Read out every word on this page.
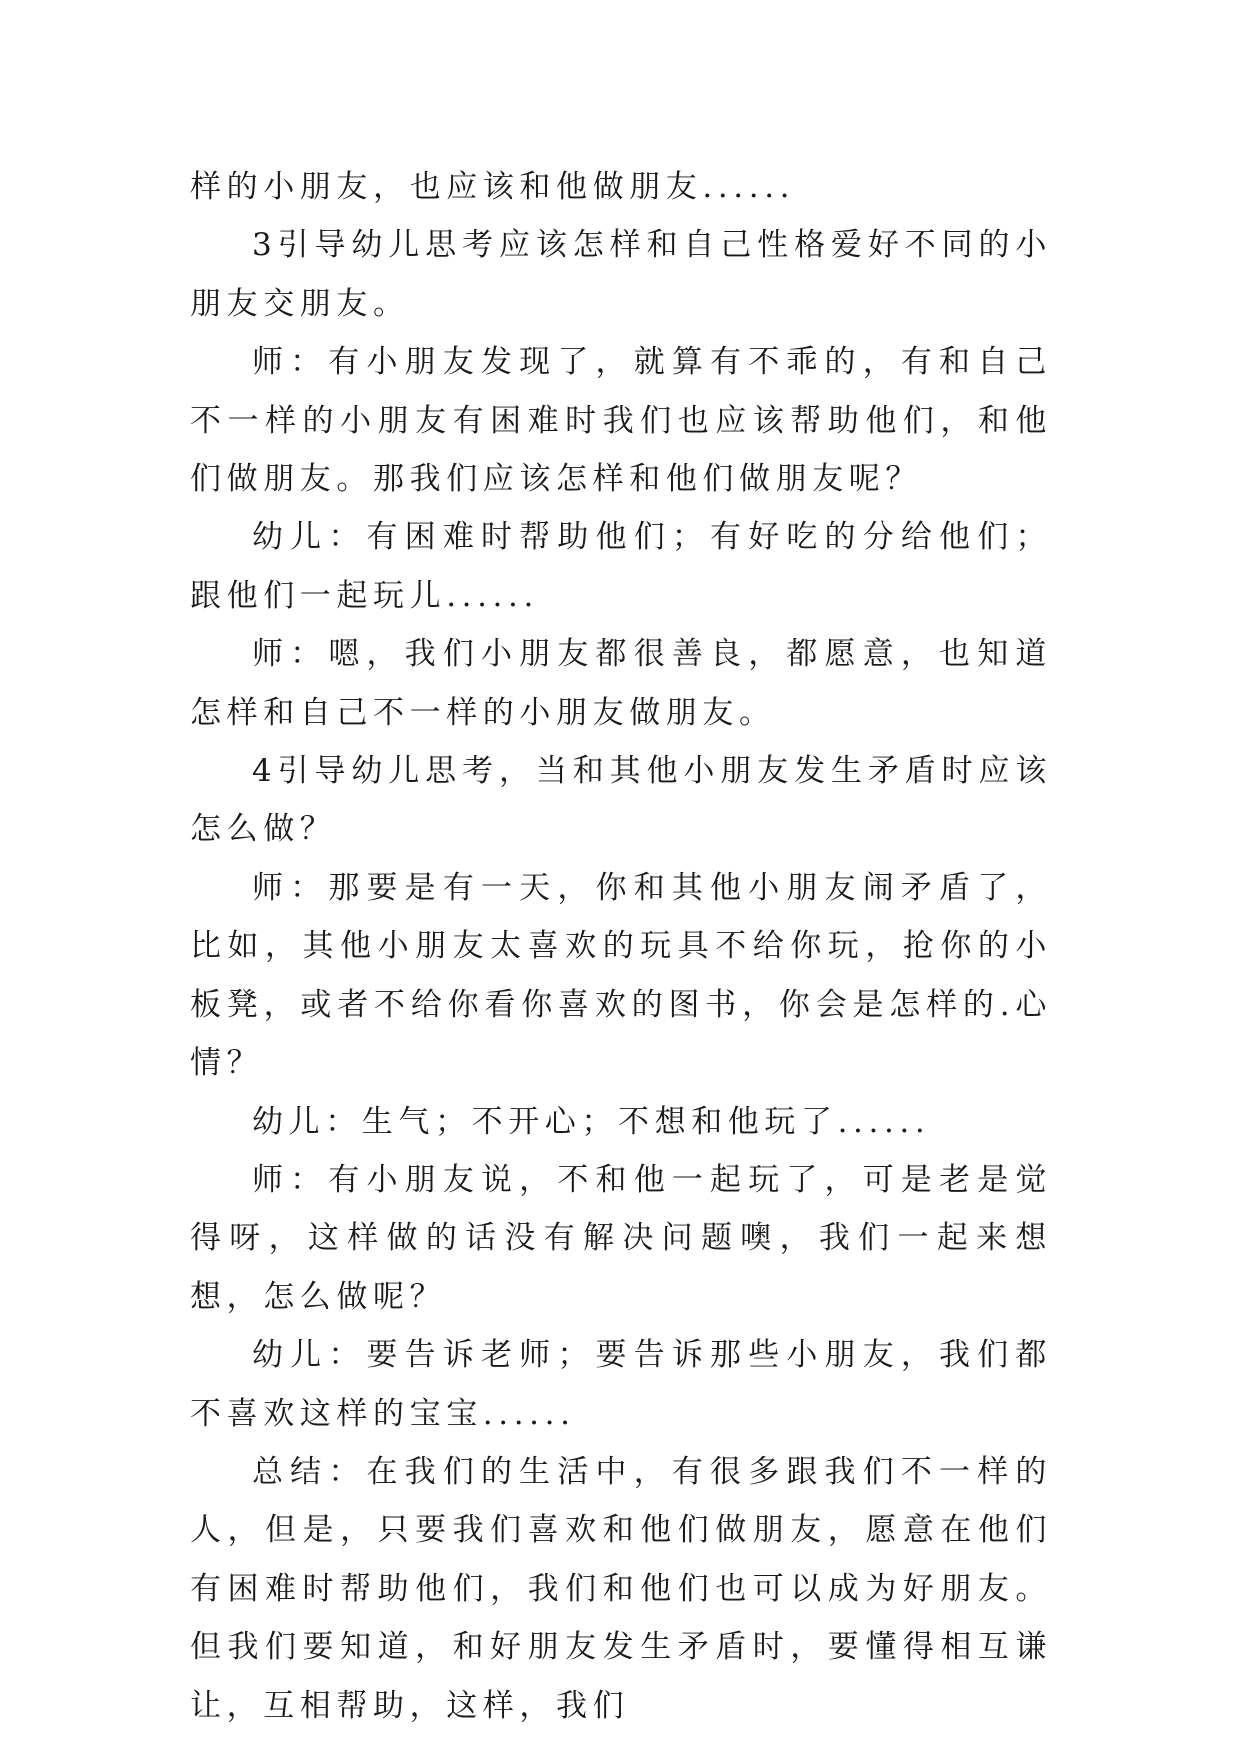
样的小朋友，也应该和他做朋友......

3引导幼儿思考应该怎样和自己性格爱好不同的小朋友交朋友。

师：有小朋友发现了，就算有不乖的，有和自己不一样的小朋友有困难时我们也应该帮助他们，和他们做朋友。那我们应该怎样和他们做朋友呢？

幼儿：有困难时帮助他们；有好吃的分给他们；跟他们一起玩儿......

师：嗯，我们小朋友都很善良，都愿意，也知道怎样和自己不一样的小朋友做朋友。

4引导幼儿思考，当和其他小朋友发生矛盾时应该怎么做？

师：那要是有一天，你和其他小朋友闹矛盾了，比如，其他小朋友太喜欢的玩具不给你玩，抢你的小板凳，或者不给你看你喜欢的图书，你会是怎样的.心情？

幼儿：生气；不开心；不想和他玩了......

师：有小朋友说，不和他一起玩了，可是老是觉得呀，这样做的话没有解决问题噢，我们一起来想想，怎么做呢？

幼儿：要告诉老师；要告诉那些小朋友，我们都不喜欢这样的宝宝......

总结：在我们的生活中，有很多跟我们不一样的人，但是，只要我们喜欢和他们做朋友，愿意在他们有困难时帮助他们，我们和他们也可以成为好朋友。但我们要知道，和好朋友发生矛盾时，要懂得相互谦让，互相帮助，这样，我们
